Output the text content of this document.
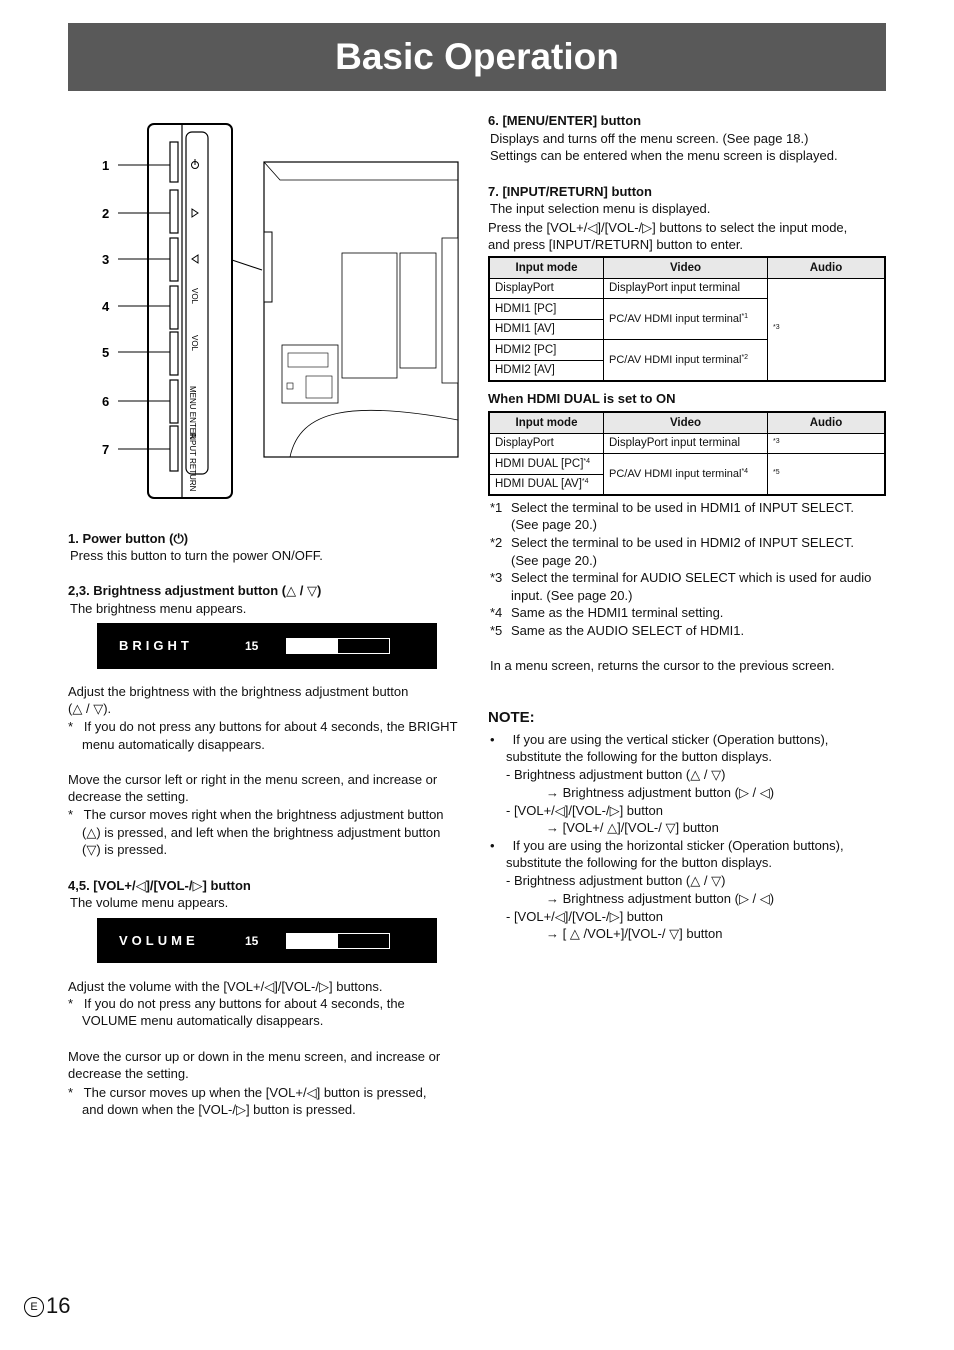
Basic Operation
1
2
3
4
5
6
7
VOL
VOL
MENU ENTER
INPUT RETURN
1. Power button (⏻)
Press this button to turn the power ON/OFF.
2,3. Brightness adjustment button (△ / ▽)
The brightness menu appears.
BRIGHT	15
Adjust the brightness with the brightness adjustment button
(△ / ▽).
*   If you do not press any buttons for about 4 seconds, the BRIGHT
menu automatically disappears.
Move the cursor left or right in the menu screen, and increase or
decrease the setting.
*   The cursor moves right when the brightness adjustment button
(△) is pressed, and left when the brightness adjustment button
(▽) is pressed.
4,5. [VOL+/◁]/[VOL-/▷] button
The volume menu appears.
VOLUME	15
Adjust the volume with the [VOL+/◁]/[VOL-/▷] buttons.
*   If you do not press any buttons for about 4 seconds, the
VOLUME menu automatically disappears.
Move the cursor up or down in the menu screen, and increase or
decrease the setting.
*   The cursor moves up when the [VOL+/◁] button is pressed,
and down when the [VOL-/▷] button is pressed.
6. [MENU/ENTER] button
Displays and turns off the menu screen. (See page 18.)
Settings can be entered when the menu screen is displayed.
7. [INPUT/RETURN] button
The input selection menu is displayed.
Press the [VOL+/◁]/[VOL-/▷] buttons to select the input mode,
and press [INPUT/RETURN] button to enter.
Input mode	Video	Audio
DisplayPort	DisplayPort input terminal	$^{*3}$
HDMI1 [PC]	PC/AV HDMI input terminal$^{*1}$
HDMI1 [AV]		
HDMI2 [PC]	PC/AV HDMI input terminal$^{*2}$
HDMI2 [AV]		
When HDMI DUAL is set to ON
Input mode	Video	Audio
DisplayPort	DisplayPort input terminal	$^{*3}$
HDMI DUAL [PC]$^{*4}$	PC/AV HDMI input terminal$^{*4}$	$^{*5}$
HDMI DUAL [AV]$^{*4}$
*1 Select the terminal to be used in HDMI1 of INPUT SELECT.
(See page 20.)
*2 Select the terminal to be used in HDMI2 of INPUT SELECT.
(See page 20.)
*3 Select the terminal for AUDIO SELECT which is used for audio
input. (See page 20.)
*4 Same as the HDMI1 terminal setting.
*5 Same as the AUDIO SELECT of HDMI1.
In a menu screen, returns the cursor to the previous screen.
NOTE:
•     If you are using the vertical sticker (Operation buttons),
substitute the following for the button displays.
- Brightness adjustment button (△ / ▽)
→ Brightness adjustment button (▷ / ◁)
- [VOL+/◁]/[VOL-/▷] button
→ [VOL+/ △]/[VOL-/ ▽] button
•     If you are using the horizontal sticker (Operation buttons),
substitute the following for the button displays.
- Brightness adjustment button (△ / ▽)
→ Brightness adjustment button (▷ / ◁)
- [VOL+/◁]/[VOL-/▷] button
→ [ △ /VOL+]/[VOL-/ ▽] button
E 16
